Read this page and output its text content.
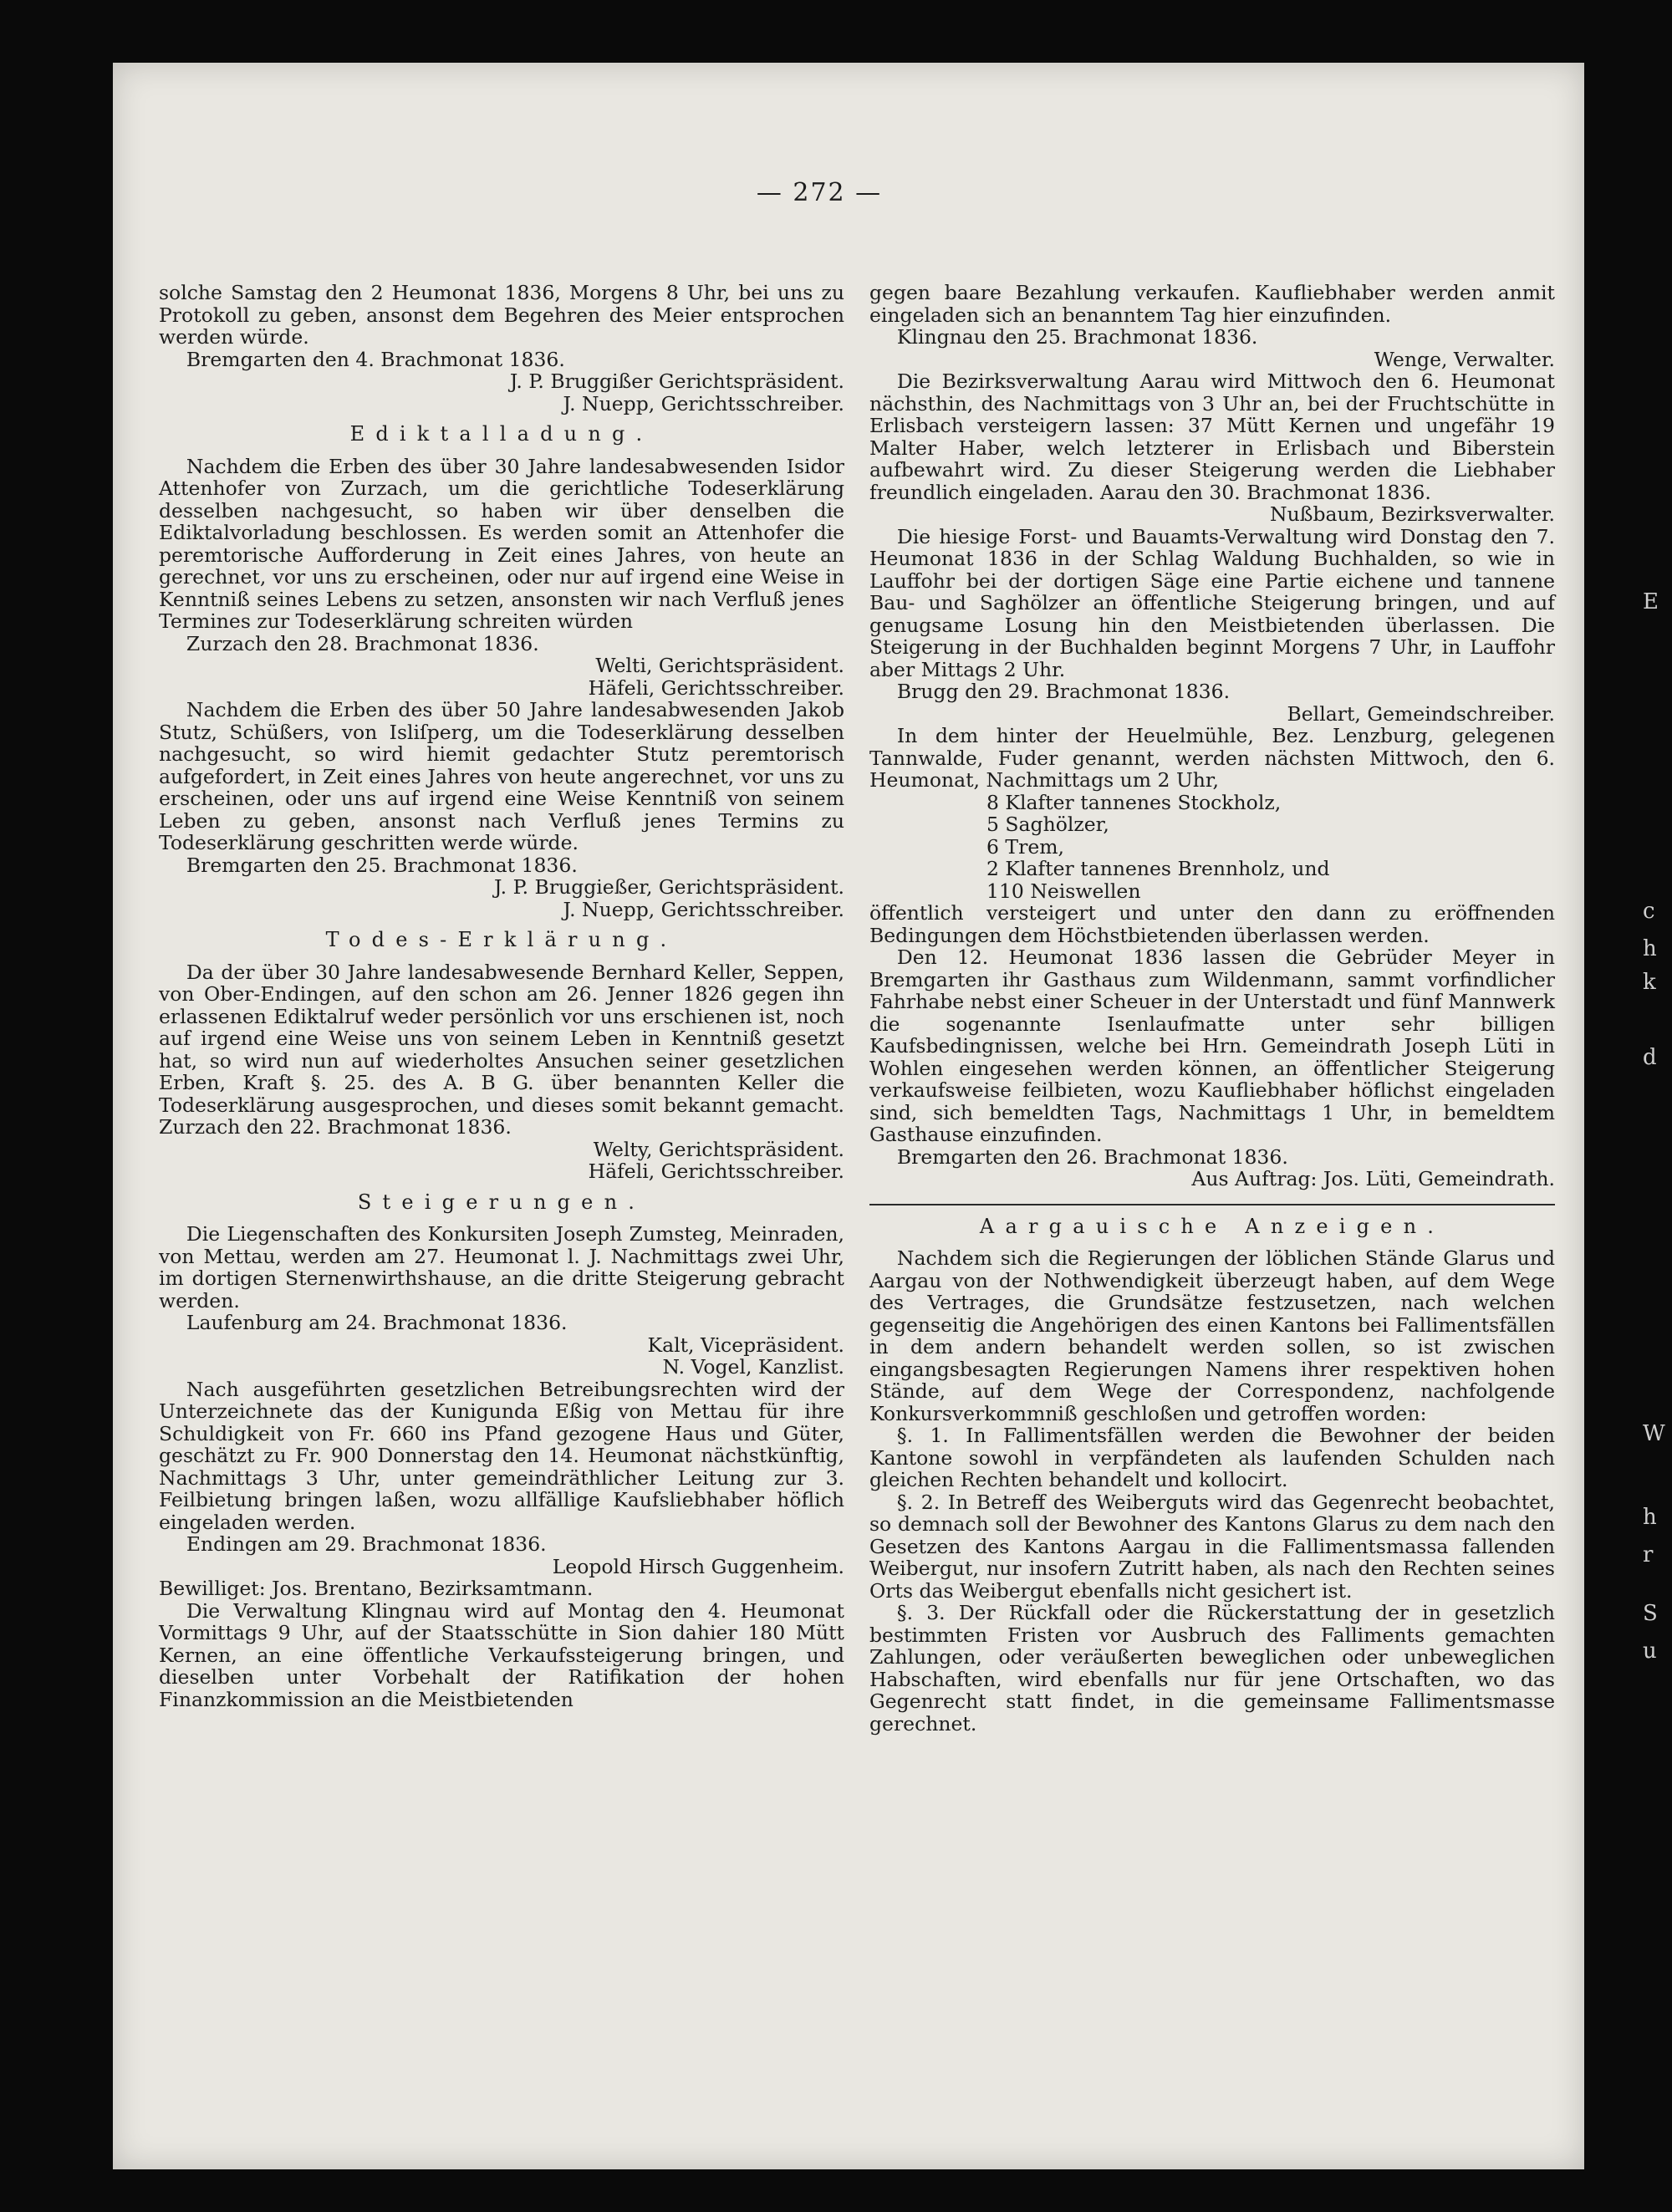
— 272 —

solche Samstag den 2 Heumonat 1836, Morgens 8 Uhr, bei uns zu Protokoll zu geben, ansonst dem Begehren des Meier entsprochen werden würde.

Bremgarten den 4. Brachmonat 1836.

J. P. Bruggißer Gerichtspräsident.
J. Nuepp, Gerichtsschreiber.
Ediktalladung.

Nachdem die Erben des über 30 Jahre landesabwesenden Isidor Attenhofer von Zurzach, um die gerichtliche Todeserklärung desselben nachgesucht, so haben wir über denselben die Ediktalvorladung beschlossen. Es werden somit an Attenhofer die peremtorische Aufforderung in Zeit eines Jahres, von heute an gerechnet, vor uns zu erscheinen, oder nur auf irgend eine Weise in Kenntniß seines Lebens zu setzen, ansonsten wir nach Verfluß jenes Termines zur Todeserklärung schreiten würden

Zurzach den 28. Brachmonat 1836.

Welti, Gerichtspräsident.
Häfeli, Gerichtsschreiber.

Nachdem die Erben des über 50 Jahre landesabwesenden Jakob Stutz, Schüßers, von Isliſperg, um die Todeserklärung desselben nachgesucht, so wird hiemit gedachter Stutz peremtorisch aufgefordert, in Zeit eines Jahres von heute angerechnet, vor uns zu erscheinen, oder uns auf irgend eine Weise Kenntniß von seinem Leben zu geben, ansonst nach Verfluß jenes Termins zu Todeserklärung geschritten werde würde.

Bremgarten den 25. Brachmonat 1836.

J. P. Bruggießer, Gerichtspräsident.
J. Nuepp, Gerichtsschreiber.
Todes-Erklärung.

Da der über 30 Jahre landesabwesende Bernhard Keller, Seppen, von Ober-Endingen, auf den schon am 26. Jenner 1826 gegen ihn erlassenen Ediktalruf weder persönlich vor uns erschienen ist, noch auf irgend eine Weise uns von seinem Leben in Kenntniß gesetzt hat, so wird nun auf wiederholtes Ansuchen seiner gesetzlichen Erben, Kraft §. 25. des A. B G. über benannten Keller die Todeserklärung ausgesprochen, und dieses somit bekannt gemacht. Zurzach den 22. Brachmonat 1836.

Welty, Gerichtspräsident.
Häfeli, Gerichtsschreiber.
Steigerungen.

Die Liegenschaften des Konkursiten Joseph Zumsteg, Meinraden, von Mettau, werden am 27. Heumonat l. J. Nachmittags zwei Uhr, im dortigen Sternenwirthshause, an die dritte Steigerung gebracht werden.

Laufenburg am 24. Brachmonat 1836.

Kalt, Vicepräsident.
N. Vogel, Kanzlist.

Nach ausgeführten gesetzlichen Betreibungsrechten wird der Unterzeichnete das der Kunigunda Eßig von Mettau für ihre Schuldigkeit von Fr. 660 ins Pfand gezogene Haus und Güter, geschätzt zu Fr. 900 Donnerstag den 14. Heumonat nächstkünftig, Nachmittags 3 Uhr, unter gemeindräthlicher Leitung zur 3. Feilbietung bringen laßen, wozu allfällige Kaufsliebhaber höflich eingeladen werden.

Endingen am 29. Brachmonat 1836.

Leopold Hirsch Guggenheim.

Bewilliget: Jos. Brentano, Bezirksamtmann.

Die Verwaltung Klingnau wird auf Montag den 4. Heumonat Vormittags 9 Uhr, auf der Staatsschütte in Sion dahier 180 Mütt Kernen, an eine öffentliche Verkaufssteigerung bringen, und dieselben unter Vorbehalt der Ratifikation der hohen Finanzkommission an die Meistbietenden

gegen baare Bezahlung verkaufen. Kaufliebhaber werden anmit eingeladen sich an benanntem Tag hier einzufinden.

Klingnau den 25. Brachmonat 1836.

Wenge, Verwalter.

Die Bezirksverwaltung Aarau wird Mittwoch den 6. Heumonat nächsthin, des Nachmittags von 3 Uhr an, bei der Fruchtschütte in Erlisbach versteigern lassen: 37 Mütt Kernen und ungefähr 19 Malter Haber, welch letzterer in Erlisbach und Biberstein aufbewahrt wird. Zu dieser Steigerung werden die Liebhaber freundlich eingeladen. Aarau den 30. Brachmonat 1836.

Nußbaum, Bezirksverwalter.

Die hiesige Forst- und Bauamts-Verwaltung wird Donstag den 7. Heumonat 1836 in der Schlag Waldung Buchhalden, so wie in Lauffohr bei der dortigen Säge eine Partie eichene und tannene Bau- und Saghölzer an öffentliche Steigerung bringen, und auf genugsame Losung hin den Meistbietenden überlassen. Die Steigerung in der Buchhalden beginnt Morgens 7 Uhr, in Lauffohr aber Mittags 2 Uhr.

Brugg den 29. Brachmonat 1836.

Bellart, Gemeindschreiber.

In dem hinter der Heuelmühle, Bez. Lenzburg, gelegenen Tannwalde, Fuder genannt, werden nächsten Mittwoch, den 6. Heumonat, Nachmittags um 2 Uhr,

8 Klafter tannenes Stockholz,
5 Saghölzer,
6 Trem,
2 Klafter tannenes Brennholz, und
110 Neiswellen

öffentlich versteigert und unter den dann zu eröffnenden Bedingungen dem Höchstbietenden überlassen werden.

Den 12. Heumonat 1836 lassen die Gebrüder Meyer in Bremgarten ihr Gasthaus zum Wildenmann, sammt vorfindlicher Fahrhabe nebst einer Scheuer in der Unterstadt und fünf Mannwerk die sogenannte Isenlaufmatte unter sehr billigen Kaufsbedingnissen, welche bei Hrn. Gemeindrath Joseph Lüti in Wohlen eingesehen werden können, an öffentlicher Steigerung verkaufsweise feilbieten, wozu Kaufliebhaber höflichst eingeladen sind, sich bemeldten Tags, Nachmittags 1 Uhr, in bemeldtem Gasthause einzufinden.

Bremgarten den 26. Brachmonat 1836.

Aus Auftrag: Jos. Lüti, Gemeindrath.
Aargauische Anzeigen.

Nachdem sich die Regierungen der löblichen Stände Glarus und Aargau von der Nothwendigkeit überzeugt haben, auf dem Wege des Vertrages, die Grundsätze festzusetzen, nach welchen gegenseitig die Angehörigen des einen Kantons bei Fallimentsfällen in dem andern behandelt werden sollen, so ist zwischen eingangsbesagten Regierungen Namens ihrer respektiven hohen Stände, auf dem Wege der Correspondenz, nachfolgende Konkursverkommniß geschloßen und getroffen worden:

§. 1. In Fallimentsfällen werden die Bewohner der beiden Kantone sowohl in verpfändeten als laufenden Schulden nach gleichen Rechten behandelt und kollocirt.

§. 2. In Betreff des Weiberguts wird das Gegenrecht beobachtet, so demnach soll der Bewohner des Kantons Glarus zu dem nach den Gesetzen des Kantons Aargau in die Fallimentsmassa fallenden Weibergut, nur insofern Zutritt haben, als nach den Rechten seines Orts das Weibergut ebenfalls nicht gesichert ist.

§. 3. Der Rückfall oder die Rückerstattung der in gesetzlich bestimmten Fristen vor Ausbruch des Falliments gemachten Zahlungen, oder veräußerten beweglichen oder unbeweglichen Habschaften, wird ebenfalls nur für jene Ortschaften, wo das Gegenrecht statt findet, in die gemeinsame Fallimentsmasse gerechnet.

E
c
h
k
d
W
h
r
S
u
